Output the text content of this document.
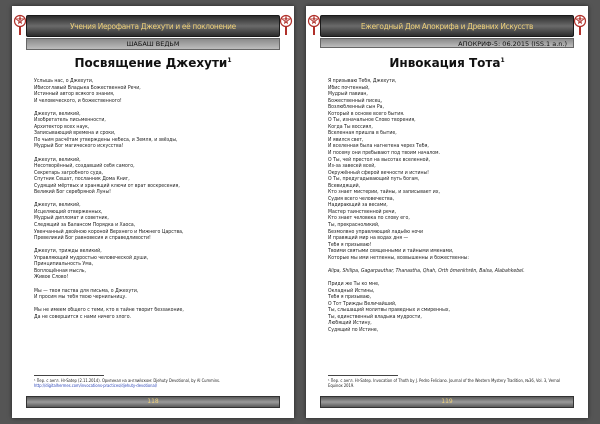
Учения Иерофанта Джехути и её поклонение
ШАБАШ ВЕДЬМ
Посвящение Джехути$^1$
Услышь нас, о Джехути,
Ибисоглавый Владыка Божественной Речи,
Истинный автор всякого знания,
И человеческого, и божественного!
Джехути, великий,
Изобретатель письменности,
Архитектор всех наук,
Записывающий времена и сроки,
По чьим расчётам утверждены небеса, и Земля, и звёзды,
Мудрый Бог магического искусства!
Джехути, великий,
Несотворённый, создавший себя самого,
Секретарь загробного суда,
Спутник Сешат, посланник Дома Книг,
Судящий мёртвых и хранящий ключи от врат воскресения,
Великий Бог серебряной Луны!
Джехути, великий,
Исцеляющий отверженных,
Мудрый дипломат и советник,
Следящий за Балансом Порядка и Хаоса,
Увенчанный двойною короной Верхнего и Нижнего Царства,
Превеликий Бог равновесия и справедливости!
Джехути, трижды великий,
Управляющий мудростью человеческой души,
Принципиальность Ума,
Воплощённая мысль,
Живое Слово!
Мы — твоя паства для письма, о Джехути,
И просим мы тебя твою чернильницу.
Мы не имеем общего с теми, кто в тайне творит беззаконие,
Да не совершится с нами ничего злого.
¹ Пер. с англ. Hr-Satep (2.11.2014). Оригинал на английском: Djehuty Devotional, by Al Cummins. http://digitalhermes.com/invocations-practices/djehuty-devotional/
118
Ежегодный Дом Апокрифа и Древних Искусств
АПОКРИФ-5: 06.2015 (ISS.1 a.n.)
Инвокация Тота$^1$
Я призываю Тебя, Джехути,
Ибис почтенный,
Мудрый павиан,
Божественный писец,
Возлюбленный сын Ра,
Который в основе всего бытия.
О Ты, изначальное Слово творения,
Когда Ты воссиял,
Вселенная пришла в бытие,
И явился свет,
И вселенная была нагнетена через Тебя,
И посему они пребывают под твоим началом.
О Ты, чей престол на высотах вселенной,
Из-за завесей всей,
Окружённый сферой вечности и истины!
О Ты, предугадывающий путь богам,
Всевидящий,
Кто знает мистерии, тайны, и записывает их,
Судия всего человечества,
Надирающий за весами,
Мастер таинственной речи,
Кто знает человека по слову его,
Ты, прекрасноликий,
Безмолвно управляющий ладьёю ночи
И правящий мир на водах дня —
Тебя я призываю!
Твоими святыми священными и тайными именами,
Которые мы ими нетленны, возвышенны и божественны:
Alipa, Shilipa, Gagarpauthar, Thanastha, Qhah, Orth ōmenkhrēn, Balsa, Alabahkebel.
Приди же Ты ко мне,
Окладный Истины,
Тебя я призываю,
О Тот Трижды Величайший,
Ты, слышащий молитвы праведных и смиренных,
Ты, единственный владыка мудрости,
Любящий Истину,
Судящий по Истине,
¹ Пер. с англ. Hr-Satep. Invocation of Thoth by J. Pedro Feliciano. Journal of the Western Mystery Tradition, №36, Vol. 3, Vernal Equinox 2019.
119
